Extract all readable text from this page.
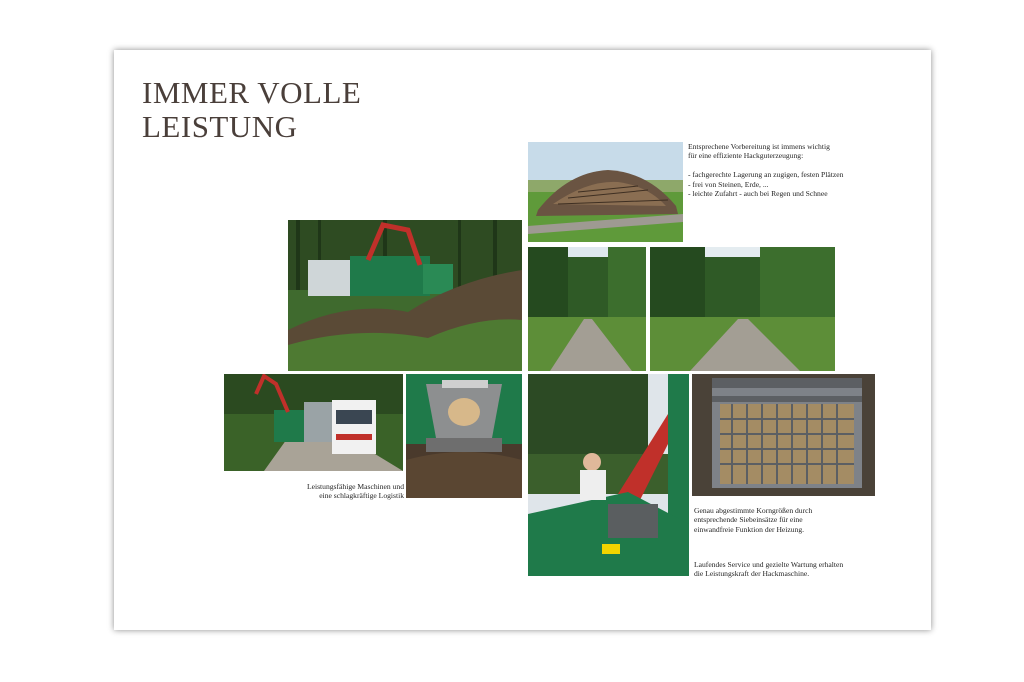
IMMER VOLLE
LEISTUNG
Entsprechene Vorbereitung ist immens wichtig
für eine effiziente Hackguterzeugung:

- fachgerechte Lagerung an zugigen, festen Plätzen
- frei von Steinen, Erde, ...
- leichte Zufahrt - auch bei Regen und Schnee
Leistungsfähige Maschinen und
eine schlagkräftige Logistik
Genau abgestimmte Korngrößen durch
entsprechende Siebeinsätze für eine
einwandfreie Funktion der Heizung.
Laufendes Service und gezielte Wartung erhalten
die Leistungskraft der Hackmaschine.
